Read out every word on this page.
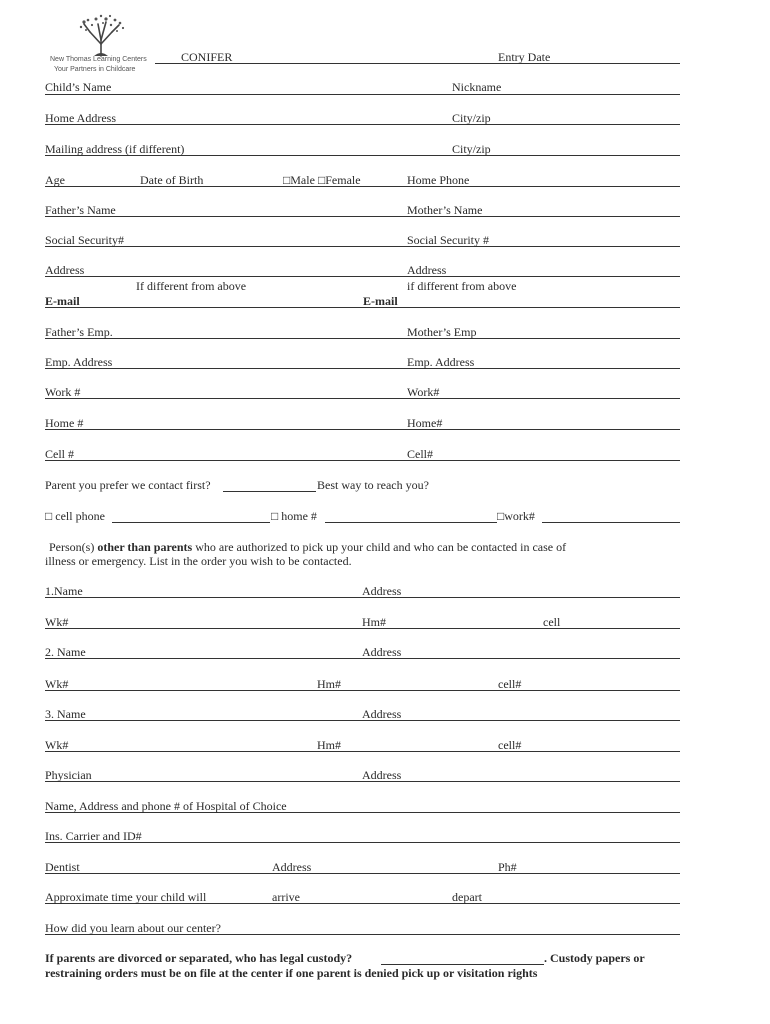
New Thomas Learning Centers
Your Partners in Childcare
CONIFER	Entry Date
Child’s Name	Nickname
Home Address	City/zip
Mailing address (if different)	City/zip
Age	Date of Birth	□Male □Female	Home Phone
Father’s Name	Mother’s Name
Social Security#	Social Security #
Address	Address
If different from above	if different from above
E-mail	E-mail
Father’s Emp.	Mother’s Emp
Emp. Address	Emp. Address
Work #	Work#
Home #	Home#
Cell #	Cell#
Parent you prefer we contact first?	Best way to reach you?
□ cell phone	□ home #	□work#
Person(s) other than parents who are authorized to pick up your child and who can be contacted in case of
illness or emergency. List in the order you wish to be contacted.
1.Name	Address
Wk#	Hm#	cell
2. Name	Address
Wk#	Hm#	cell#
3. Name	Address
Wk#	Hm#	cell#
Physician	Address
Name, Address and phone # of Hospital of Choice
Ins. Carrier and ID#
Dentist	Address	Ph#
Approximate time your child will	arrive	depart
How did you learn about our center?
If parents are divorced or separated, who has legal custody?	. Custody papers or
restraining orders must be on file at the center if one parent is denied pick up or visitation rights
